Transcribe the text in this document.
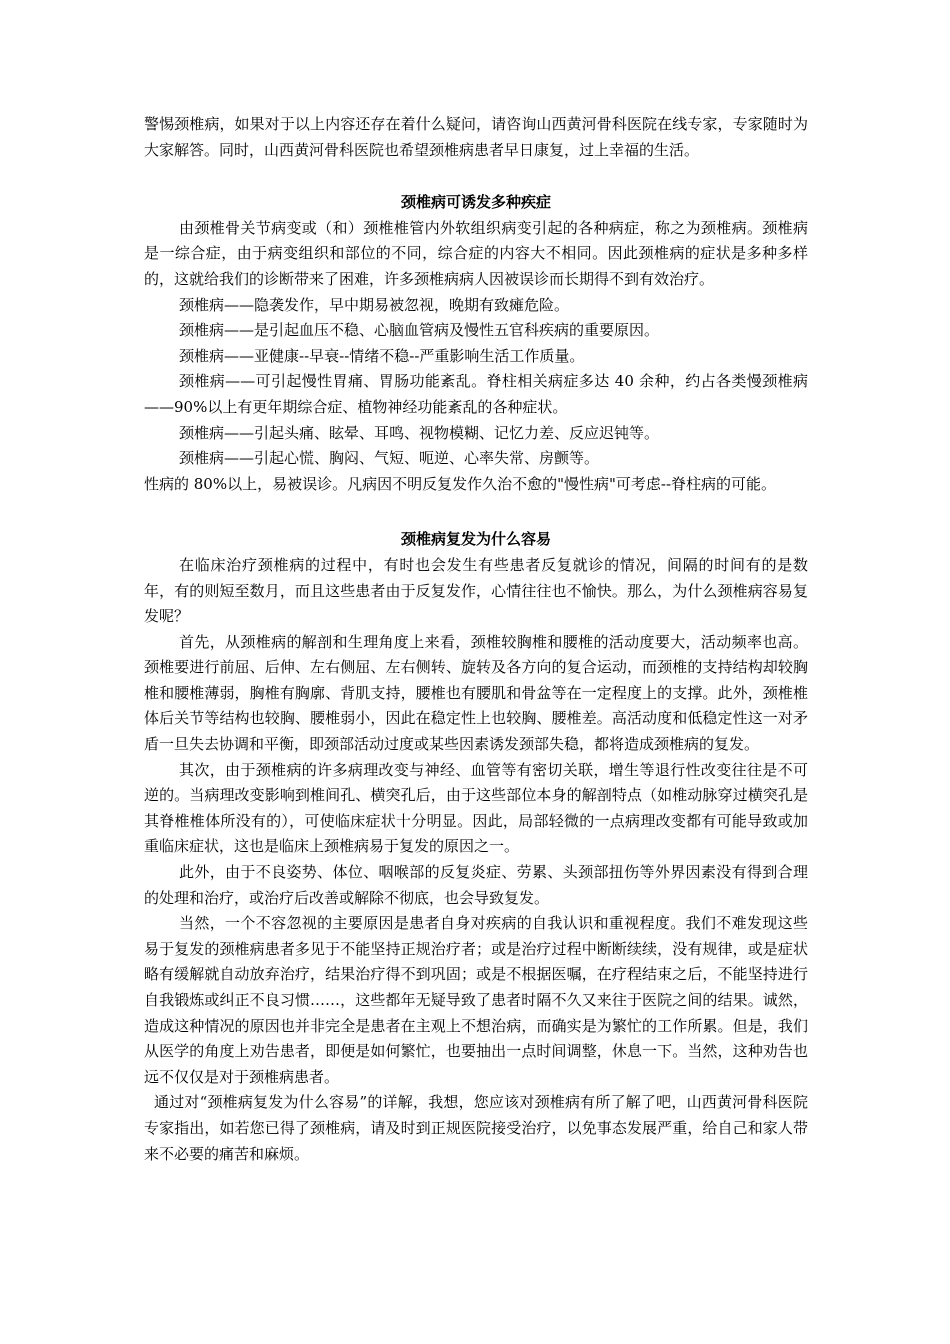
警惕颈椎病，如果对于以上内容还存在着什么疑问，请咨询山西黄河骨科医院在线专家，专家随时为大家解答。同时，山西黄河骨科医院也希望颈椎病患者早日康复，过上幸福的生活。

颈椎病可诱发多种疾症

由颈椎骨关节病变或（和）颈椎椎管内外软组织病变引起的各种病症，称之为颈椎病。颈椎病是一综合症，由于病变组织和部位的不同，综合症的内容大不相同。因此颈椎病的症状是多种多样的，这就给我们的诊断带来了困难，许多颈椎病病人因被误诊而长期得不到有效治疗。

颈椎病——隐袭发作，早中期易被忽视，晚期有致瘫危险。

颈椎病——是引起血压不稳、心脑血管病及慢性五官科疾病的重要原因。

颈椎病——亚健康--早衰--情绪不稳--严重影响生活工作质量。

颈椎病——可引起慢性胃痛、胃肠功能紊乱。脊柱相关病症多达 40 余种，约占各类慢颈椎病——90%以上有更年期综合症、植物神经功能紊乱的各种症状。

颈椎病——引起头痛、眩晕、耳鸣、视物模糊、记忆力差、反应迟钝等。

颈椎病——引起心慌、胸闷、气短、呃逆、心率失常、房颤等。

性病的 80%以上，易被误诊。凡病因不明反复发作久治不愈的"慢性病"可考虑--脊柱病的可能。

颈椎病复发为什么容易

在临床治疗颈椎病的过程中，有时也会发生有些患者反复就诊的情况，间隔的时间有的是数年，有的则短至数月，而且这些患者由于反复发作，心情往往也不愉快。那么，为什么颈椎病容易复发呢？

首先，从颈椎病的解剖和生理角度上来看，颈椎较胸椎和腰椎的活动度要大，活动频率也高。颈椎要进行前屈、后伸、左右侧屈、左右侧转、旋转及各方向的复合运动，而颈椎的支持结构却较胸椎和腰椎薄弱，胸椎有胸廓、背肌支持，腰椎也有腰肌和骨盆等在一定程度上的支撑。此外，颈椎椎体后关节等结构也较胸、腰椎弱小，因此在稳定性上也较胸、腰椎差。高活动度和低稳定性这一对矛盾一旦失去协调和平衡，即颈部活动过度或某些因素诱发颈部失稳，都将造成颈椎病的复发。

其次，由于颈椎病的许多病理改变与神经、血管等有密切关联，增生等退行性改变往往是不可逆的。当病理改变影响到椎间孔、横突孔后，由于这些部位本身的解剖特点（如椎动脉穿过横突孔是其脊椎椎体所没有的），可使临床症状十分明显。因此，局部轻微的一点病理改变都有可能导致或加重临床症状，这也是临床上颈椎病易于复发的原因之一。

此外，由于不良姿势、体位、咽喉部的反复炎症、劳累、头颈部扭伤等外界因素没有得到合理的处理和治疗，或治疗后改善或解除不彻底，也会导致复发。

当然，一个不容忽视的主要原因是患者自身对疾病的自我认识和重视程度。我们不难发现这些易于复发的颈椎病患者多见于不能坚持正规治疗者；或是治疗过程中断断续续，没有规律，或是症状略有缓解就自动放弃治疗，结果治疗得不到巩固；或是不根据医嘱，在疗程结束之后，不能坚持进行自我锻炼或纠正不良习惯……，这些都年无疑导致了患者时隔不久又来往于医院之间的结果。诚然，造成这种情况的原因也并非完全是患者在主观上不想治病，而确实是为繁忙的工作所累。但是，我们从医学的角度上劝告患者，即便是如何繁忙，也要抽出一点时间调整，休息一下。当然，这种劝告也远不仅仅是对于颈椎病患者。

通过对“颈椎病复发为什么容易”的详解，我想，您应该对颈椎病有所了解了吧，山西黄河骨科医院专家指出，如若您已得了颈椎病，请及时到正规医院接受治疗，以免事态发展严重，给自己和家人带来不必要的痛苦和麻烦。
